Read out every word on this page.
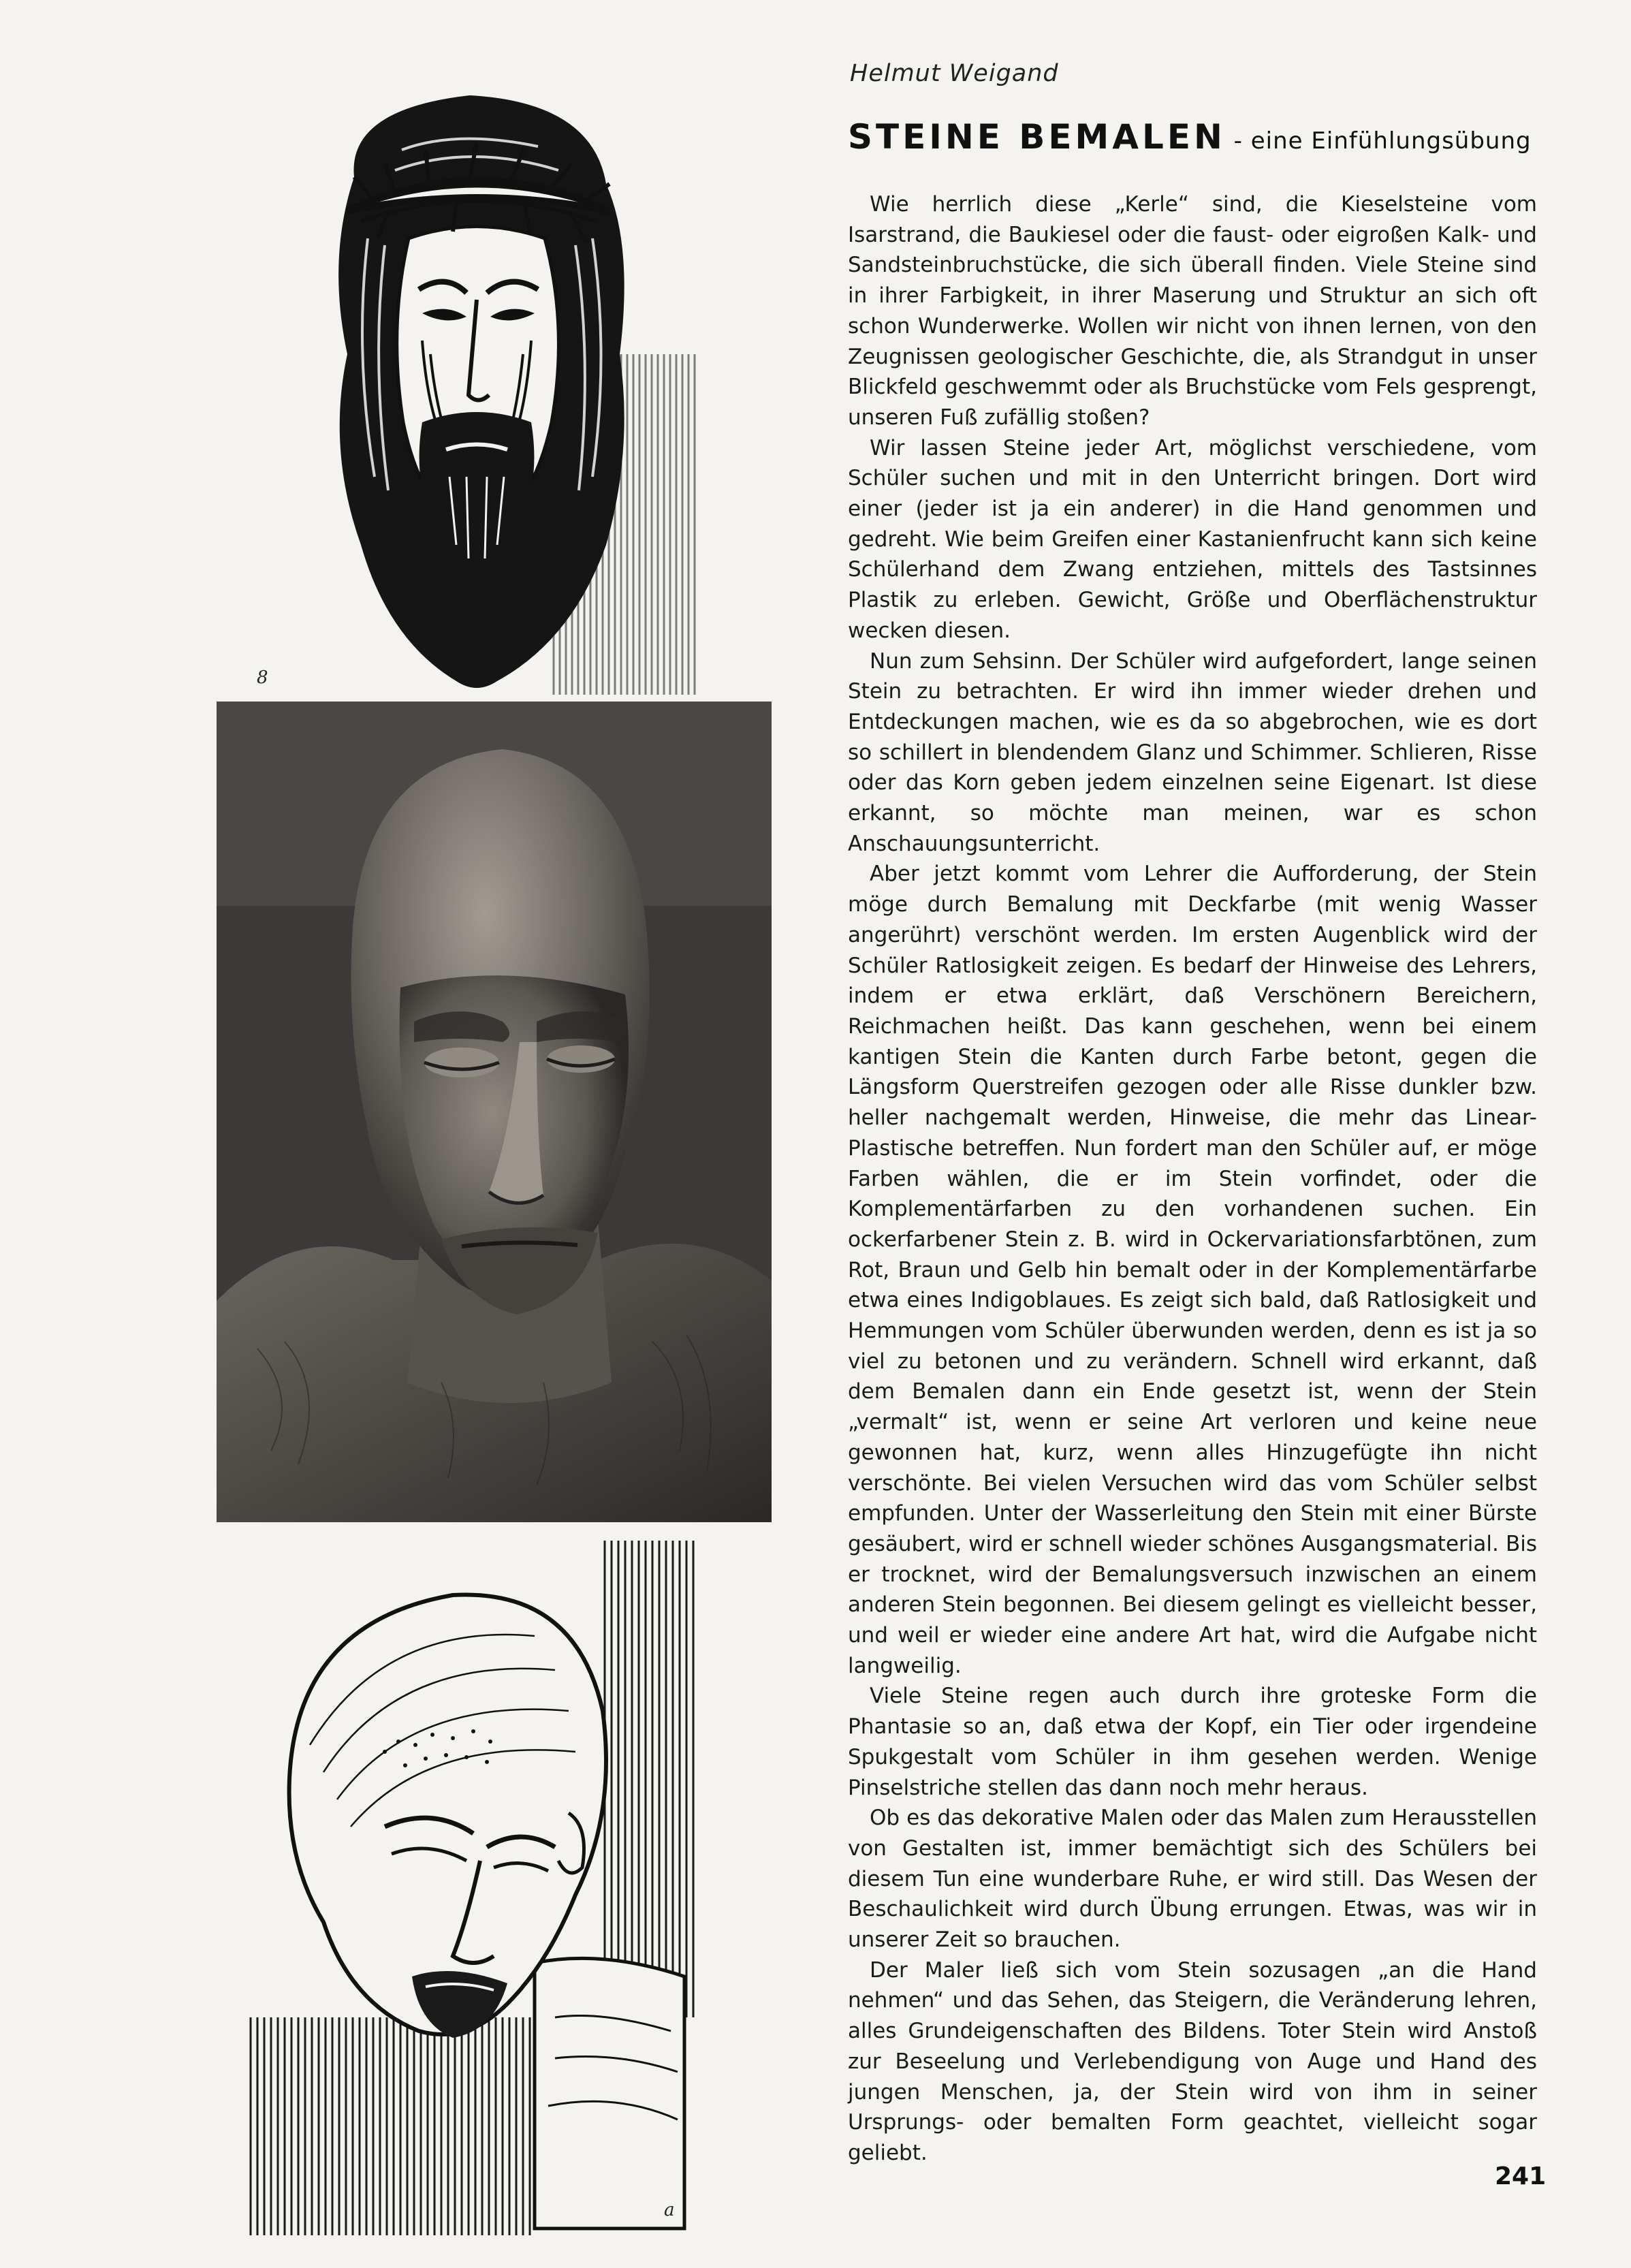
8
a
Helmut Weigand
STEINE BEMALEN - eine Einfühlungsübung

Wie herrlich diese „Kerle“ sind, die Kieselsteine vom Isarstrand, die Baukiesel oder die faust- oder eigroßen Kalk- und Sandsteinbruchstücke, die sich überall finden. Viele Steine sind in ihrer Farbigkeit, in ihrer Maserung und Struktur an sich oft schon Wunderwerke. Wollen wir nicht von ihnen lernen, von den Zeugnissen geologischer Geschichte, die, als Strandgut in unser Blickfeld geschwemmt oder als Bruchstücke vom Fels gesprengt, unseren Fuß zufällig stoßen?

Wir lassen Steine jeder Art, möglichst verschiedene, vom Schüler suchen und mit in den Unterricht bringen. Dort wird einer (jeder ist ja ein anderer) in die Hand genommen und gedreht. Wie beim Greifen einer Kastanienfrucht kann sich keine Schülerhand dem Zwang entziehen, mittels des Tastsinnes Plastik zu erleben. Gewicht, Größe und Oberflächenstruktur wecken diesen.

Nun zum Sehsinn. Der Schüler wird aufgefordert, lange seinen Stein zu betrachten. Er wird ihn immer wieder drehen und Entdeckungen machen, wie es da so abgebrochen, wie es dort so schillert in blendendem Glanz und Schimmer. Schlieren, Risse oder das Korn geben jedem einzelnen seine Eigenart. Ist diese erkannt, so möchte man meinen, war es schon Anschauungsunterricht.

Aber jetzt kommt vom Lehrer die Aufforderung, der Stein möge durch Bemalung mit Deckfarbe (mit wenig Wasser angerührt) verschönt werden. Im ersten Augenblick wird der Schüler Ratlosigkeit zeigen. Es bedarf der Hinweise des Lehrers, indem er etwa erklärt, daß Verschönern Bereichern, Reichmachen heißt. Das kann geschehen, wenn bei einem kantigen Stein die Kanten durch Farbe betont, gegen die Längsform Querstreifen gezogen oder alle Risse dunkler bzw. heller nachgemalt werden, Hinweise, die mehr das Linear-Plastische betreffen. Nun fordert man den Schüler auf, er möge Farben wählen, die er im Stein vorfindet, oder die Komplementärfarben zu den vorhandenen suchen. Ein ockerfarbener Stein z. B. wird in Ockervariationsfarbtönen, zum Rot, Braun und Gelb hin bemalt oder in der Komplementärfarbe etwa eines Indigoblaues. Es zeigt sich bald, daß Ratlosigkeit und Hemmungen vom Schüler überwunden werden, denn es ist ja so viel zu betonen und zu verändern. Schnell wird erkannt, daß dem Bemalen dann ein Ende gesetzt ist, wenn der Stein „vermalt“ ist, wenn er seine Art verloren und keine neue gewonnen hat, kurz, wenn alles Hinzugefügte ihn nicht verschönte. Bei vielen Versuchen wird das vom Schüler selbst empfunden. Unter der Wasserleitung den Stein mit einer Bürste gesäubert, wird er schnell wieder schönes Ausgangsmaterial. Bis er trocknet, wird der Bemalungsversuch inzwischen an einem anderen Stein begonnen. Bei diesem gelingt es vielleicht besser, und weil er wieder eine andere Art hat, wird die Aufgabe nicht langweilig.

Viele Steine regen auch durch ihre groteske Form die Phantasie so an, daß etwa der Kopf, ein Tier oder irgendeine Spukgestalt vom Schüler in ihm gesehen werden. Wenige Pinselstriche stellen das dann noch mehr heraus.

Ob es das dekorative Malen oder das Malen zum Herausstellen von Gestalten ist, immer bemächtigt sich des Schülers bei diesem Tun eine wunderbare Ruhe, er wird still. Das Wesen der Beschaulichkeit wird durch Übung errungen. Etwas, was wir in unserer Zeit so brauchen.

Der Maler ließ sich vom Stein sozusagen „an die Hand nehmen“ und das Sehen, das Steigern, die Veränderung lehren, alles Grundeigenschaften des Bildens. Toter Stein wird Anstoß zur Beseelung und Verlebendigung von Auge und Hand des jungen Menschen, ja, der Stein wird von ihm in seiner Ursprungs- oder bemalten Form geachtet, vielleicht sogar geliebt.

241
